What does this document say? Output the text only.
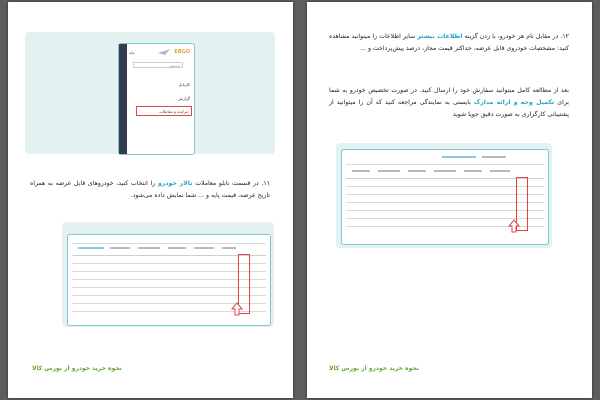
EBGO
پایه
جستجو
کارتابل
گزارش
مزایده و معاملات
۱۱. در قسمت تابلو معاملات تالار خودرو را انتخاب کنید، خودروهای قابل عرضه به همراه تاریخ عرضه، قیمت پایه و ... شما نمایش داده می‌شود.
نحوه خرید خودرو از بورس کالا
۱۲. در مقابل نام هر خودرو، با زدن گزینه اطلاعات بیشتر سایر اطلاعات را میتوانید مشاهده کنید: مشخصات خودروی قابل عرضه، حداکثر قیمت مجاز، درصد پیش‌پرداخت و ...
بعد از مطالعه کامل میتوانید سفارش خود را ارسال کنید. در صورت تخصیص خودرو به شما برای تکمیل وجه و ارائه مدارک بایستی به نمایندگی مراجعه کنید که آن را میتوانید از پشتیبانی کارگزاری به صورت دقیق جویا شوید
نحوه خرید خودرو از بورس کالا
